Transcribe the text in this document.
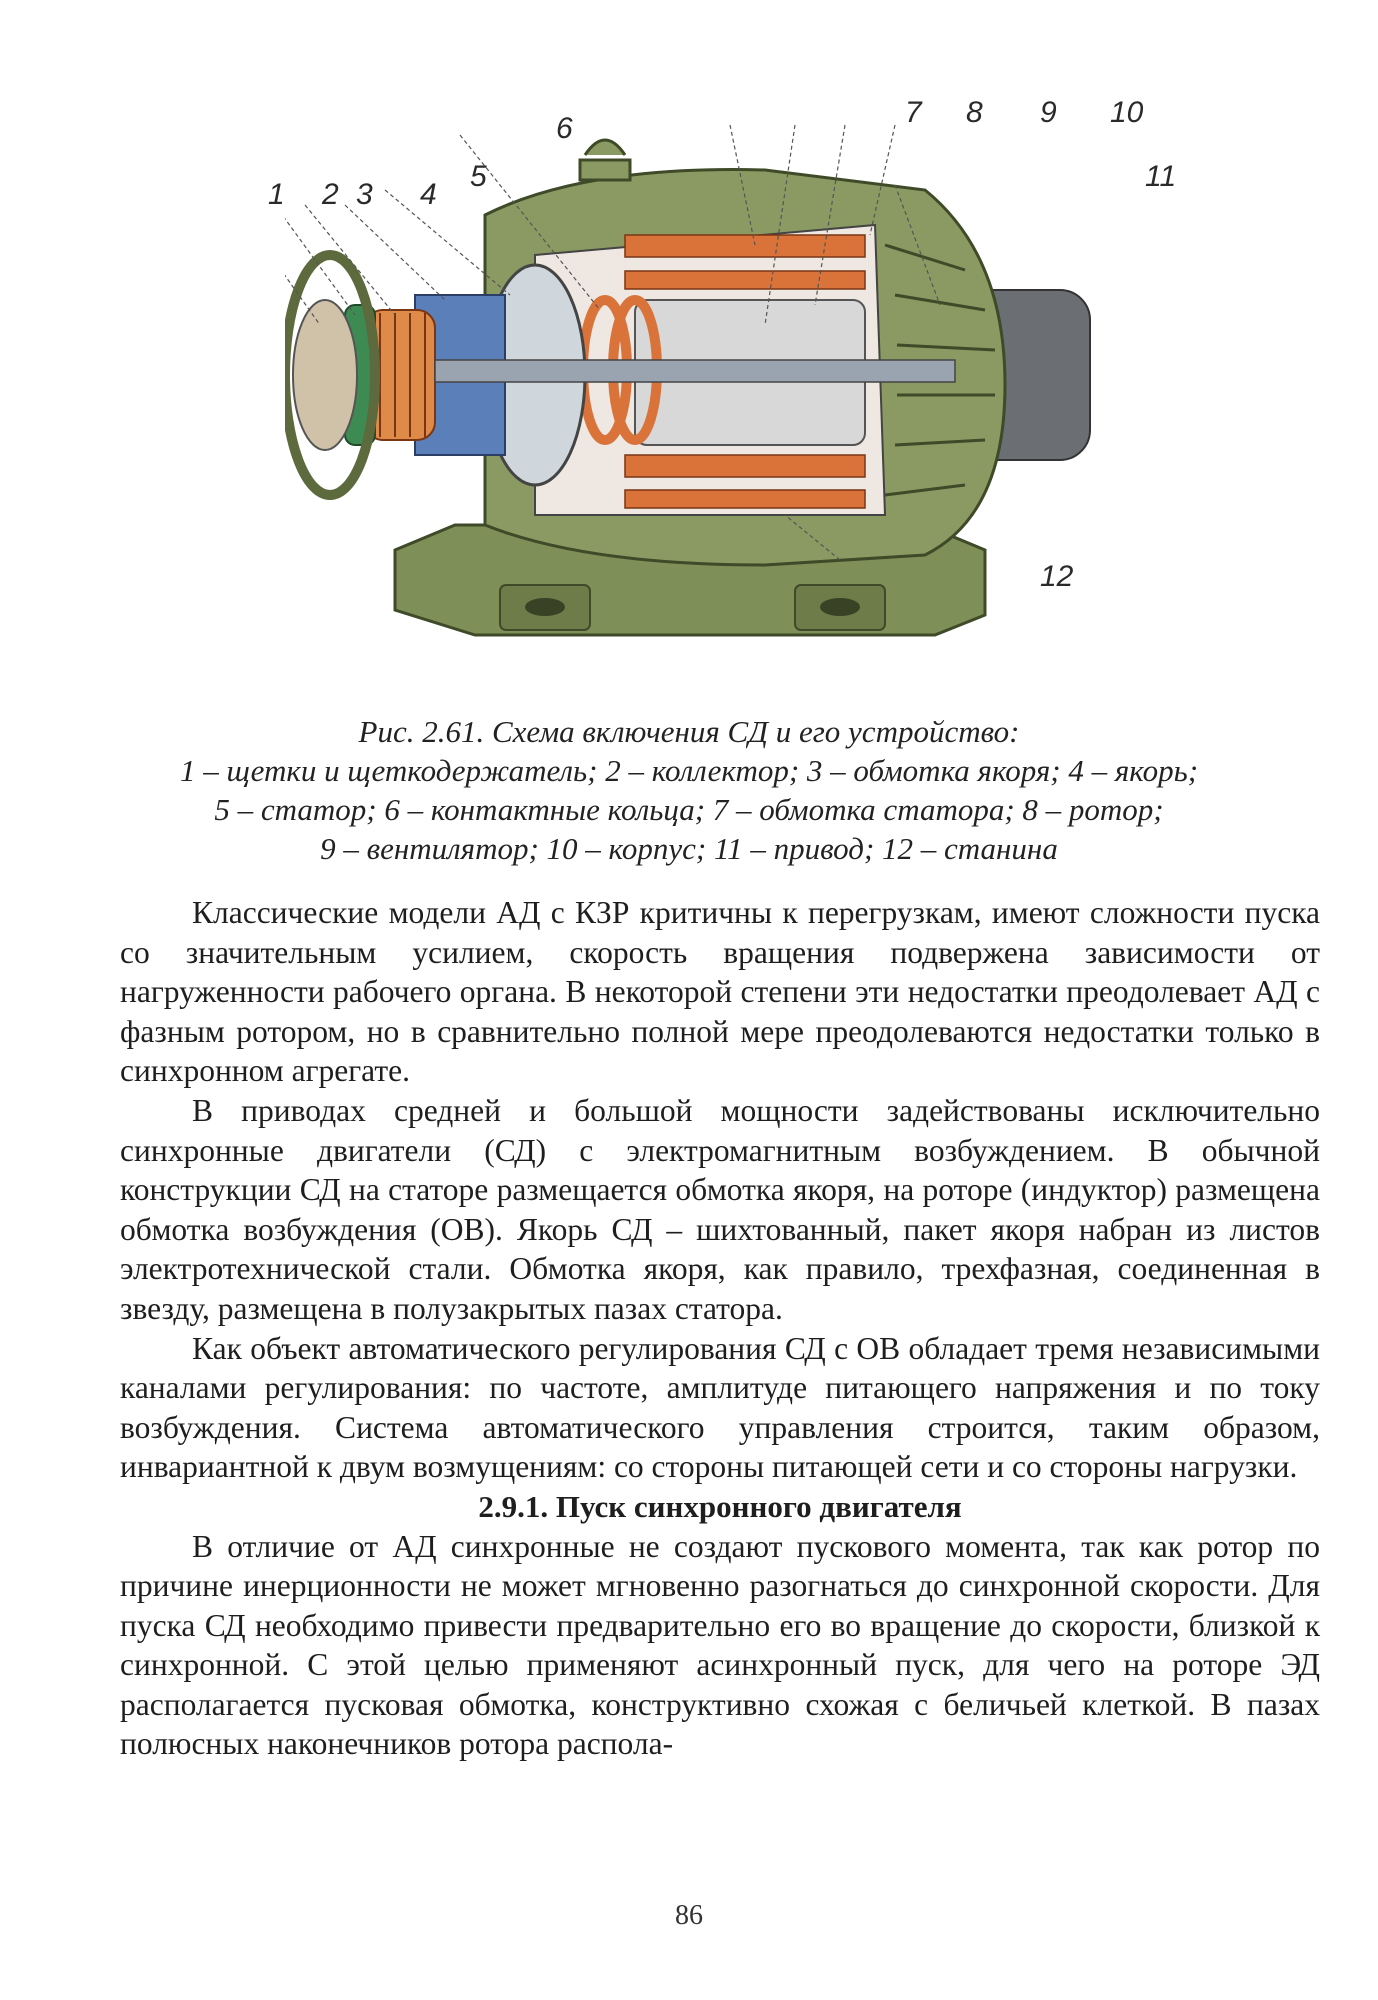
1 2 3 4
5
6	7 8 9 10
11
12
Рис. 2.61. Схема включения СД и его устройство:
1 – щетки и щеткодержатель; 2 – коллектор; 3 – обмотка якоря; 4 – якорь;
5 – статор; 6 – контактные кольца; 7 – обмотка статора; 8 – ротор;
9 – вентилятор; 10 – корпус; 11 – привод; 12 – станина

Классические модели АД с КЗР критичны к перегрузкам, имеют сложности пуска со значительным усилием, скорость вращения подвержена зависимости от нагруженности рабочего органа. В некоторой степени эти недостатки преодолевает АД с фазным ротором, но в сравнительно полной мере преодолеваются недостатки только в синхронном агрегате.

В приводах средней и большой мощности задействованы исключительно синхронные двигатели (СД) с электромагнитным возбуждением. В обычной конструкции СД на статоре размещается обмотка якоря, на роторе (индуктор) размещена обмотка возбуждения (ОВ). Якорь СД – шихтованный, пакет якоря набран из листов электротехнической стали. Обмотка якоря, как правило, трехфазная, соединенная в звезду, размещена в полузакрытых пазах статора.

Как объект автоматического регулирования СД с ОВ обладает тремя независимыми каналами регулирования: по частоте, амплитуде питающего напряжения и по току возбуждения. Система автоматического управления строится, таким образом, инвариантной к двум возмущениям: со стороны питающей сети и со стороны нагрузки.

2.9.1. Пуск синхронного двигателя

В отличие от АД синхронные не создают пускового момента, так как ротор по причине инерционности не может мгновенно разогнаться до синхронной скорости. Для пуска СД необходимо привести предварительно его во вращение до скорости, близкой к синхронной. С этой целью применяют асинхронный пуск, для чего на роторе ЭД располагается пусковая обмотка, конструктивно схожая с беличьей клеткой. В пазах полюсных наконечников ротора распола-

86
